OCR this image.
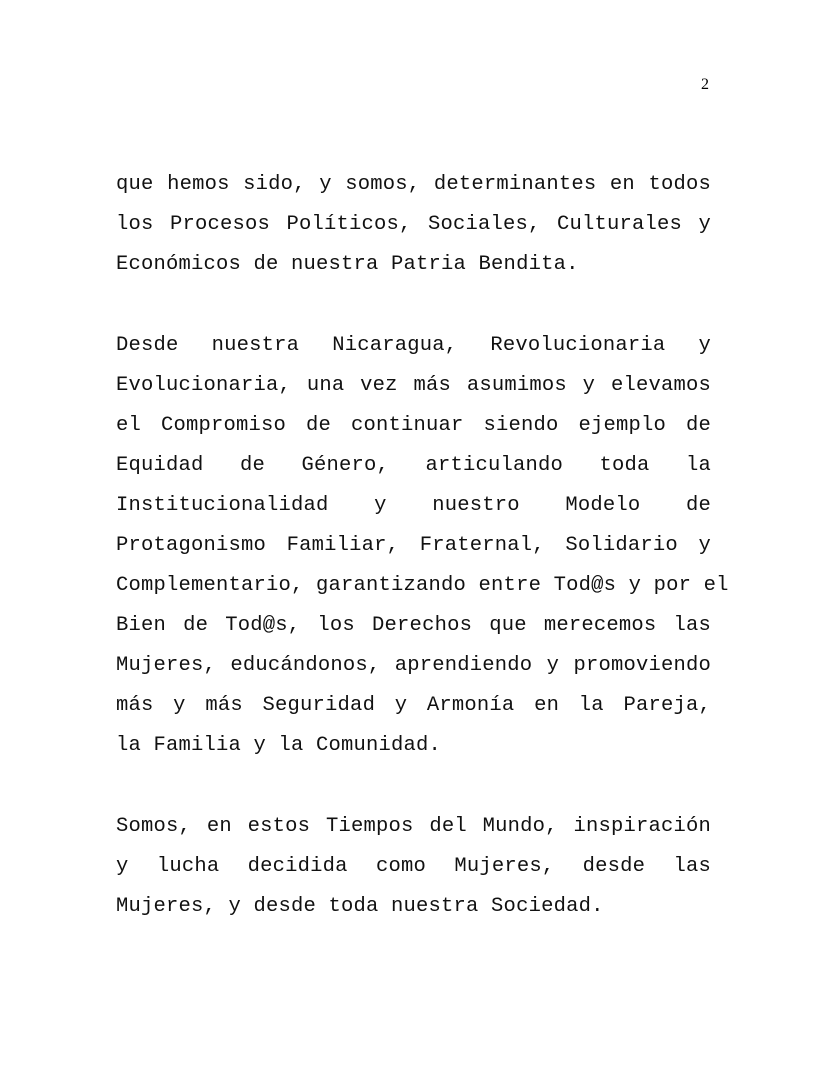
2
que hemos sido, y somos, determinantes en todos
los Procesos Políticos, Sociales, Culturales y
Económicos de nuestra Patria Bendita.
Desde nuestra Nicaragua, Revolucionaria y
Evolucionaria, una vez más asumimos y elevamos
el Compromiso de continuar siendo ejemplo de
Equidad de Género, articulando toda la
Institucionalidad y nuestro Modelo de
Protagonismo Familiar, Fraternal, Solidario y
Complementario, garantizando entre Tod@s y por el
Bien de Tod@s, los Derechos que merecemos las
Mujeres, educándonos, aprendiendo y promoviendo
más y más Seguridad y Armonía en la Pareja,
la Familia y la Comunidad.
Somos, en estos Tiempos del Mundo, inspiración
y lucha decidida como Mujeres, desde las
Mujeres, y desde toda nuestra Sociedad.
